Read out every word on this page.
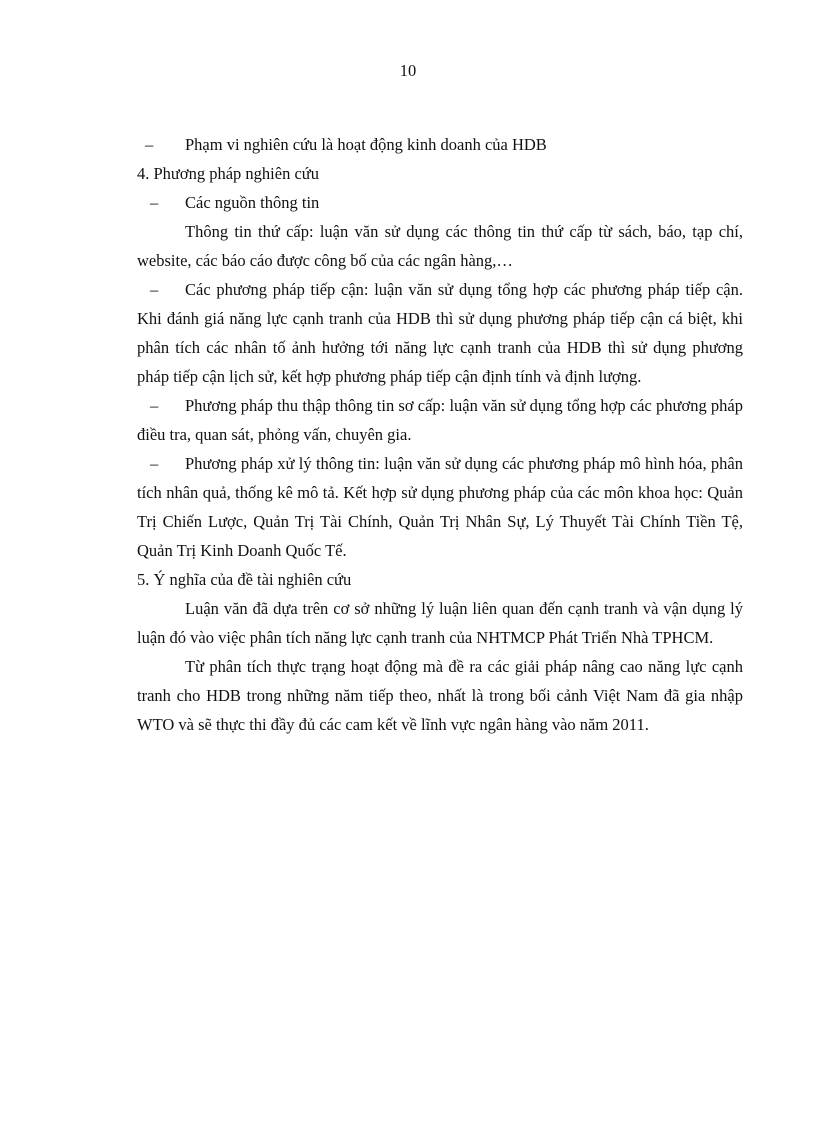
10
–	Phạm vi nghiên cứu là hoạt động kinh doanh của HDB
4. Phương pháp nghiên cứu
–	Các nguồn thông tin
Thông tin thứ cấp: luận văn sử dụng các thông tin thứ cấp từ sách, báo, tạp chí, website, các báo cáo được công bố của các ngân hàng,…
–	Các phương pháp tiếp cận: luận văn sử dụng tổng hợp các phương pháp tiếp cận. Khi đánh giá năng lực cạnh tranh của HDB thì sử dụng phương pháp tiếp cận cá biệt, khi phân tích các nhân tố ảnh hưởng tới năng lực cạnh tranh của HDB thì sử dụng phương pháp tiếp cận lịch sử, kết hợp phương pháp tiếp cận định tính và định lượng.
–	Phương pháp thu thập thông tin sơ cấp: luận văn sử dụng tổng hợp các phương pháp điều tra, quan sát, phỏng vấn, chuyên gia.
–	Phương pháp xử lý thông tin: luận văn sử dụng các phương pháp mô hình hóa, phân tích nhân quả, thống kê mô tả. Kết hợp sử dụng phương pháp của các môn khoa học: Quản Trị Chiến Lược, Quản Trị Tài Chính, Quản Trị Nhân Sự, Lý Thuyết Tài Chính Tiền Tệ, Quản Trị Kinh Doanh Quốc Tế.
5. Ý nghĩa của đề tài nghiên cứu
Luận văn đã dựa trên cơ sở những lý luận liên quan đến cạnh tranh và vận dụng lý luận đó vào việc phân tích năng lực cạnh tranh của NHTMCP Phát Triển Nhà TPHCM.
Từ phân tích thực trạng hoạt động mà đề ra các giải pháp nâng cao năng lực cạnh tranh cho HDB trong những năm tiếp theo, nhất là trong bối cảnh Việt Nam đã gia nhập WTO và sẽ thực thi đầy đủ các cam kết về lĩnh vực ngân hàng vào năm 2011.
